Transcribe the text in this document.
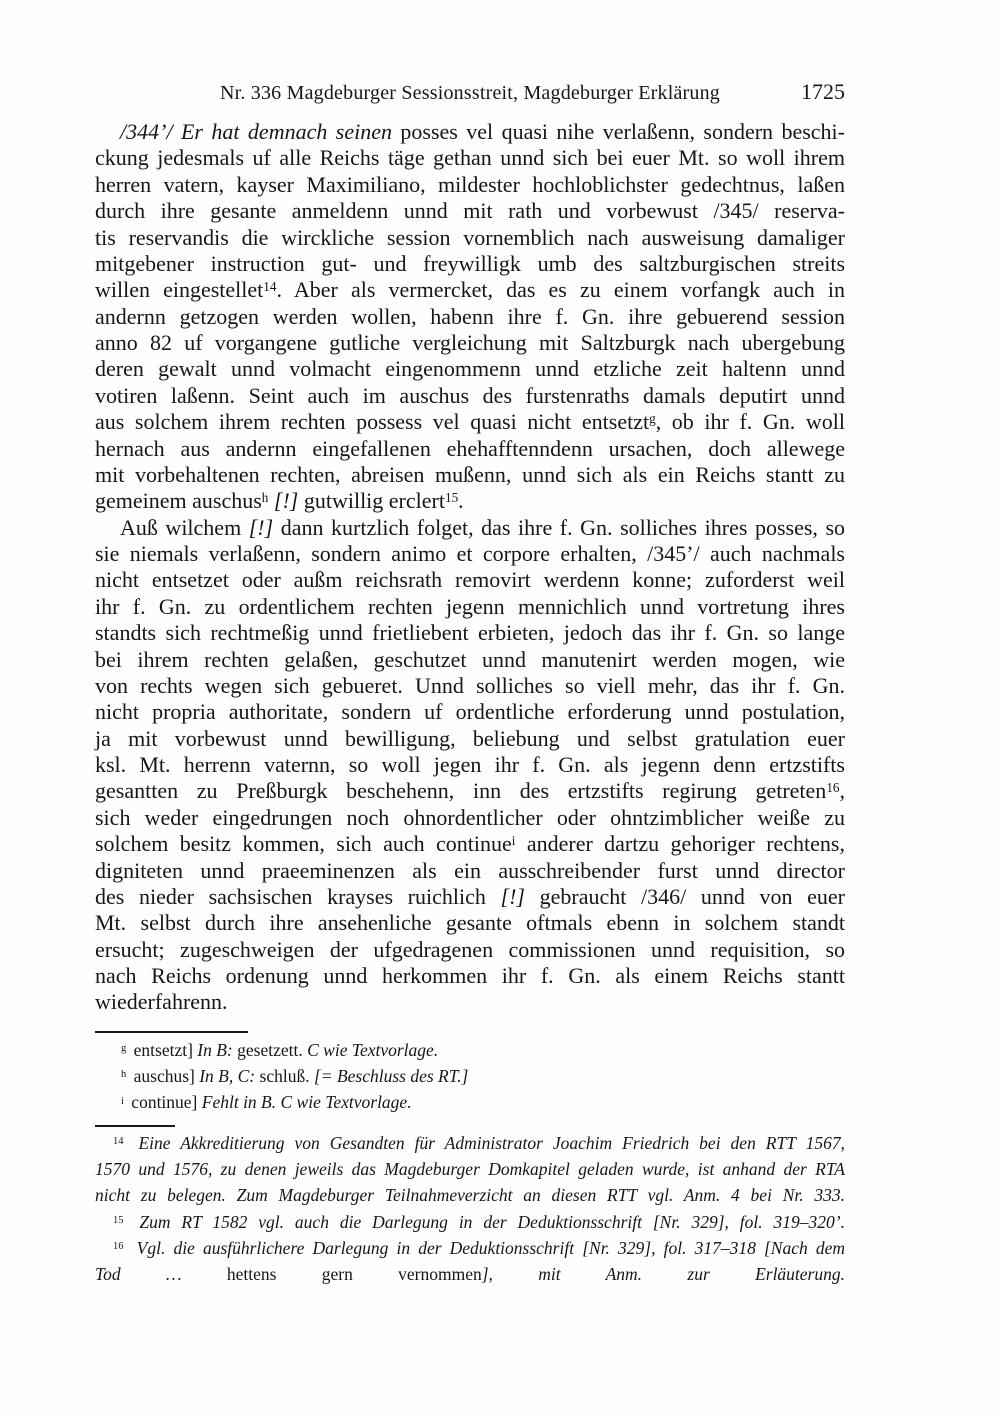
Nr. 336 Magdeburger Sessionsstreit, Magdeburger Erklärung	1725
/344’/ Er hat demnach seinen posses vel quasi nihe verlaßenn, sondern beschi-
ckung jedesmals uf alle Reichs täge gethan unnd sich bei euer Mt. so woll ihrem
herren vatern, kayser Maximiliano, mildester hochloblichster gedechtnus, laßen
durch ihre gesante anmeldenn unnd mit rath und vorbewust /345/ reserva-
tis reservandis die wirckliche session vornemblich nach ausweisung damaliger
mitgebener instruction gut- und freywilligk umb des saltzburgischen streits
willen eingestellet$^{14}$. Aber als vermercket, das es zu einem vorfangk auch in
andernn getzogen werden wollen, habenn ihre f. Gn. ihre gebuerend session
anno 82 uf vorgangene gutliche vergleichung mit Saltzburgk nach ubergebung
deren gewalt unnd volmacht eingenommenn unnd etzliche zeit haltenn unnd
votiren laßenn. Seint auch im auschus des furstenraths damals deputirt unnd
aus solchem ihrem rechten possess vel quasi nicht entsetzt$^g$, ob ihr f. Gn. woll
hernach aus andernn eingefallenen ehehafftenndenn ursachen, doch allewege
mit vorbehaltenen rechten, abreisen mußenn, unnd sich als ein Reichs stantt zu
gemeinem auschus$^h$ [!] gutwillig erclert$^{15}$.
Auß wilchem [!] dann kurtzlich folget, das ihre f. Gn. solliches ihres posses, so
sie niemals verlaßenn, sondern animo et corpore erhalten, /345’/ auch nachmals
nicht entsetzet oder außm reichsrath removirt werdenn konne; zuforderst weil
ihr f. Gn. zu ordentlichem rechten jegenn mennichlich unnd vortretung ihres
standts sich rechtmeßig unnd frietliebent erbieten, jedoch das ihr f. Gn. so lange
bei ihrem rechten gelaßen, geschutzet unnd manutenirt werden mogen, wie
von rechts wegen sich gebueret. Unnd solliches so viell mehr, das ihr f. Gn.
nicht propria authoritate, sondern uf ordentliche erforderung unnd postulation,
ja mit vorbewust unnd bewilligung, beliebung und selbst gratulation euer
ksl. Mt. herrenn vaternn, so woll jegen ihr f. Gn. als jegenn denn ertzstifts
gesantten zu Preßburgk beschehenn, inn des ertzstifts regirung getreten$^{16}$,
sich weder eingedrungen noch ohnordentlicher oder ohntzimblicher weiße zu
solchem besitz kommen, sich auch continue$^i$ anderer dartzu gehoriger rechtens,
digniteten unnd praeeminenzen als ein ausschreibender furst unnd director
des nieder sachsischen krayses ruichlich [!] gebraucht /346/ unnd von euer
Mt. selbst durch ihre ansehenliche gesante oftmals ebenn in solchem standt
ersucht; zugeschweigen der ufgedragenen commissionen unnd requisition, so
nach Reichs ordenung unnd herkommen ihr f. Gn. als einem Reichs stantt
wiederfahrenn.
$^g$ entsetzt] In B: gesetzett. C wie Textvorlage.
$^h$ auschus] In B, C: schluß. [= Beschluss des RT.]
$^i$ continue] Fehlt in B. C wie Textvorlage.
$^{14}$ Eine Akkreditierung von Gesandten für Administrator Joachim Friedrich bei den RTT 1567,
1570 und 1576, zu denen jeweils das Magdeburger Domkapitel geladen wurde, ist anhand der RTA
nicht zu belegen. Zum Magdeburger Teilnahmeverzicht an diesen RTT vgl. Anm. 4 bei Nr. 333.
$^{15}$ Zum RT 1582 vgl. auch die Darlegung in der Deduktionsschrift [Nr. 329], fol. 319–320’.
$^{16}$ Vgl. die ausführlichere Darlegung in der Deduktionsschrift [Nr. 329], fol. 317–318 [Nach dem
Tod … hettens gern vernommen], mit Anm. zur Erläuterung.
